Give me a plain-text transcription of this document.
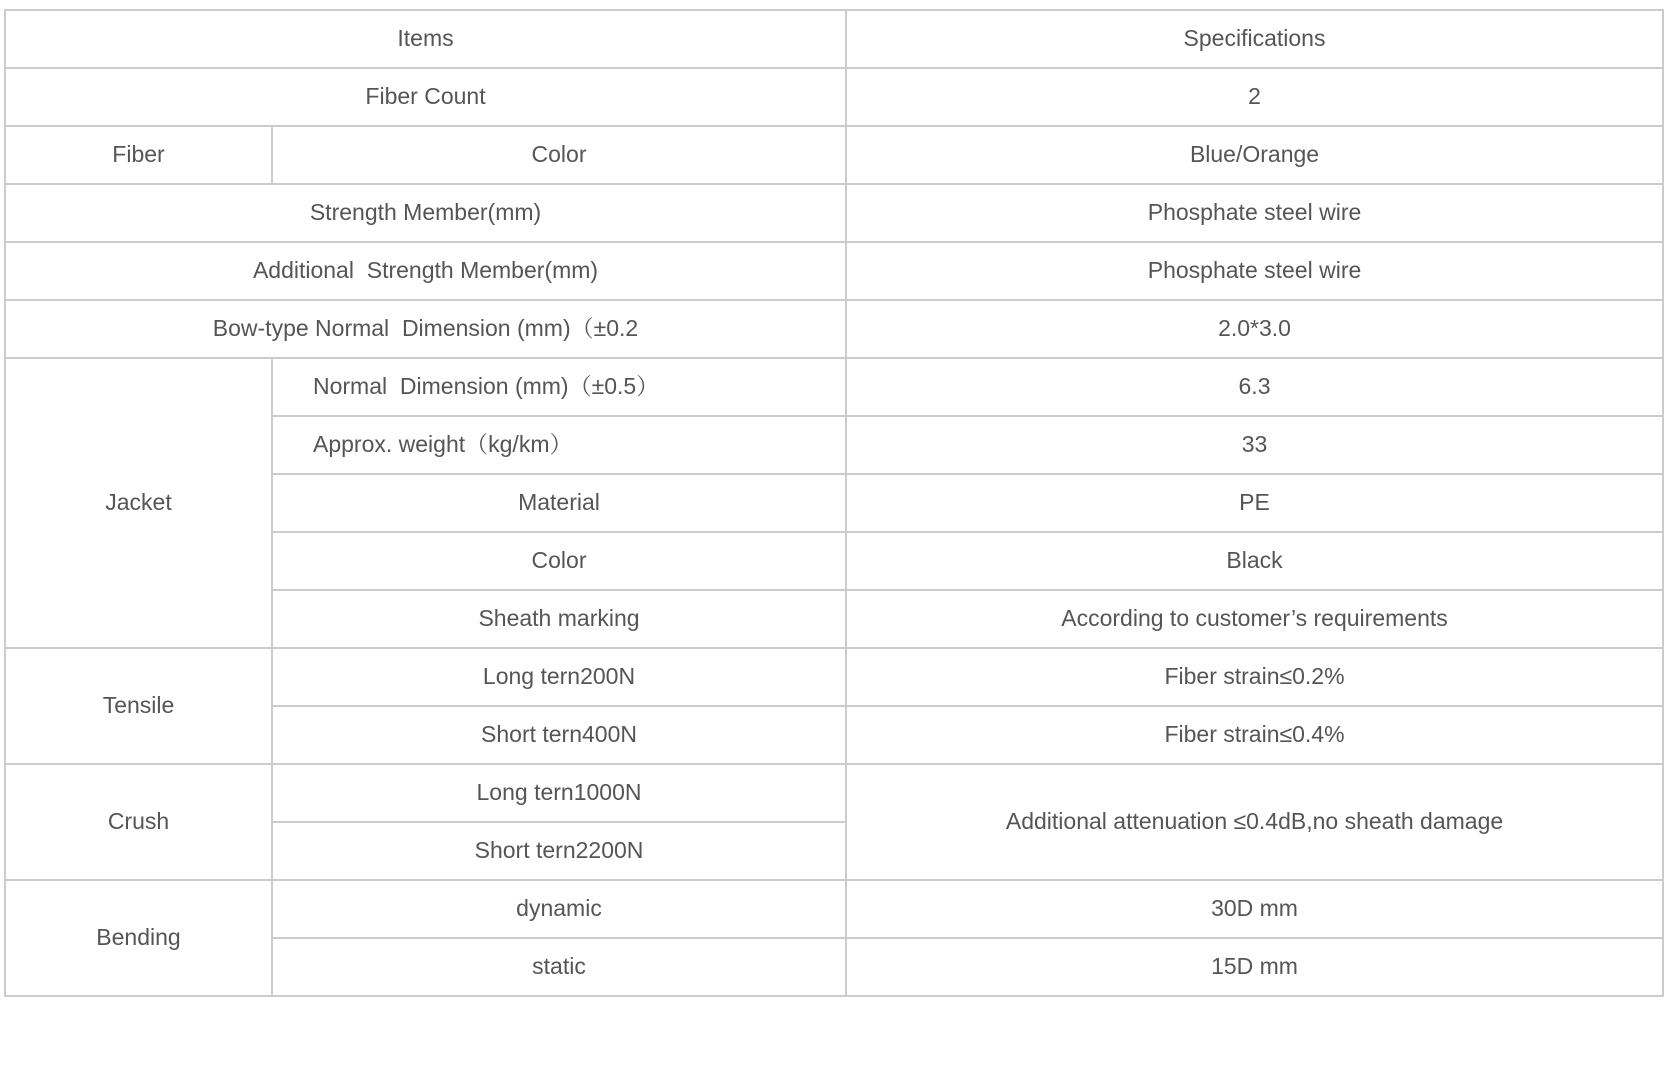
Items		Specifications
Fiber Count		2
Fiber	Color	Blue/Orange
Strength Member(mm)		Phosphate steel wire
Additional  Strength Member(mm)		Phosphate steel wire
Bow-type Normal  Dimension (mm)（±0.2		2.0*3.0
Jacket	Normal  Dimension (mm)（±0.5）	6.3
	Approx. weight（kg/km）	33
	Material	PE
	Color	Black
	Sheath marking	According to customer’s requirements
Tensile	Long tern200N	Fiber strain≤0.2%
	Short tern400N	Fiber strain≤0.4%
Crush	Long tern1000N	Additional attenuation ≤0.4dB,no sheath damage
	Short tern2200N	
Bending	dynamic	30D mm
	static	15D mm
